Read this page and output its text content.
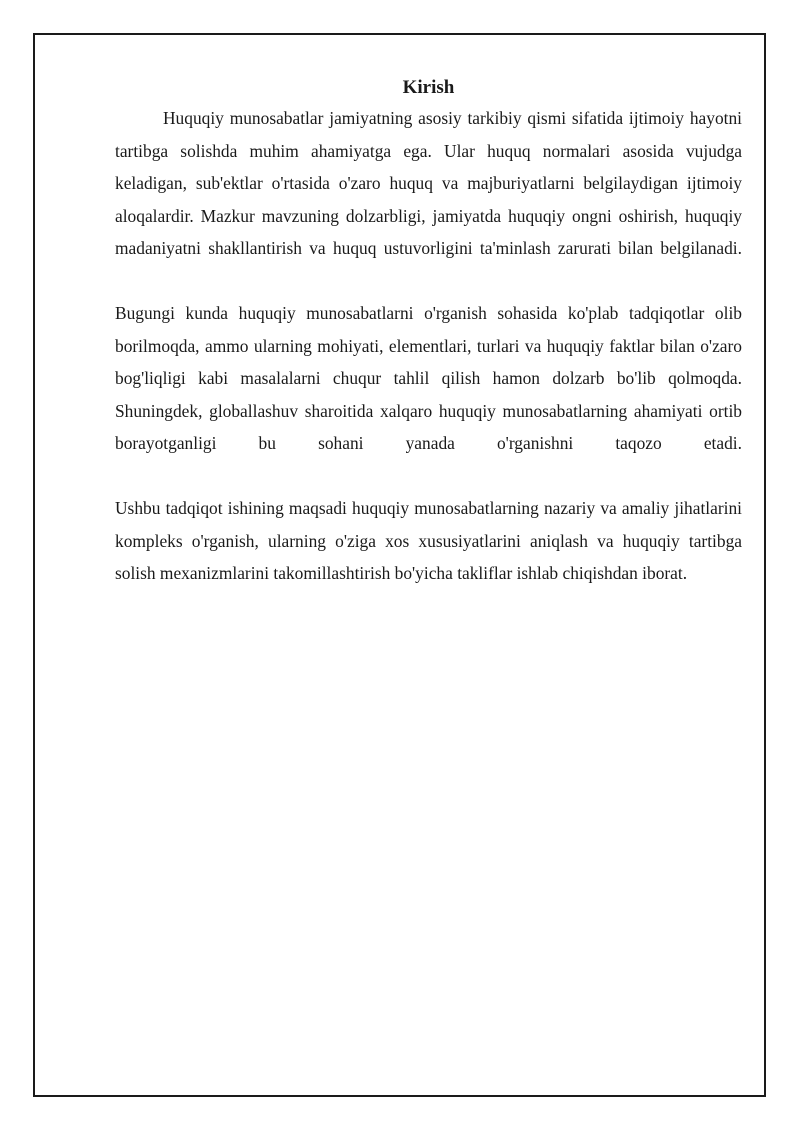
Kirish

Huquqiy munosabatlar jamiyatning asosiy tarkibiy qismi sifatida ijtimoiy hayotni tartibga solishda muhim ahamiyatga ega. Ular huquq normalari asosida vujudga keladigan, sub'ektlar o'rtasida o'zaro huquq va majburiyatlarni belgilaydigan ijtimoiy aloqalardir. Mazkur mavzuning dolzarbligi, jamiyatda huquqiy ongni oshirish, huquqiy madaniyatni shakllantirish va huquq ustuvorligini ta'minlash zarurati bilan belgilanadi.

Bugungi kunda huquqiy munosabatlarni o'rganish sohasida ko'plab tadqiqotlar olib borilmoqda, ammo ularning mohiyati, elementlari, turlari va huquqiy faktlar bilan o'zaro bog'liqligi kabi masalalarni chuqur tahlil qilish hamon dolzarb bo'lib qolmoqda. Shuningdek, globallashuv sharoitida xalqaro huquqiy munosabatlarning ahamiyati ortib borayotganligi bu sohani yanada o'rganishni taqozo etadi.

Ushbu tadqiqot ishining maqsadi huquqiy munosabatlarning nazariy va amaliy jihatlarini kompleks o'rganish, ularning o'ziga xos xususiyatlarini aniqlash va huquqiy tartibga solish mexanizmlarini takomillashtirish bo'yicha takliflar ishlab chiqishdan iborat.
